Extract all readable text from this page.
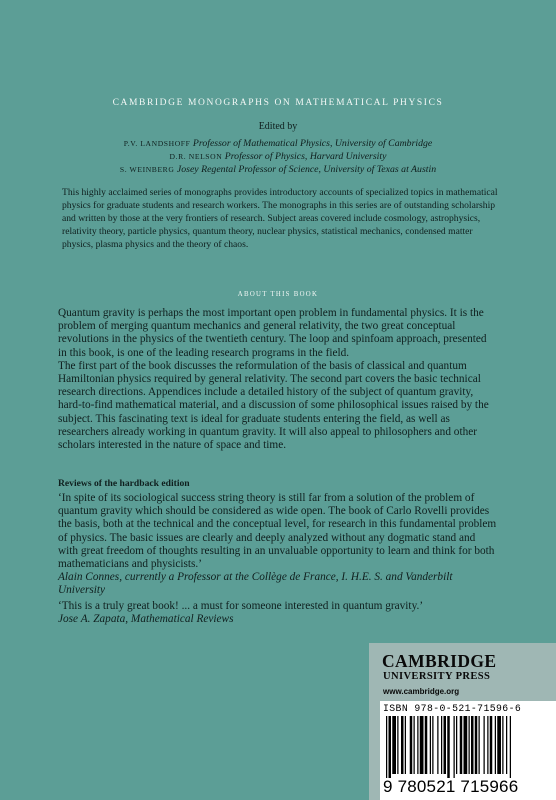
CAMBRIDGE MONOGRAPHS ON MATHEMATICAL PHYSICS
Edited by
P.V. LANDSHOFF Professor of Mathematical Physics, University of Cambridge
D.R. NELSON Professor of Physics, Harvard University
S. WEINBERG Josey Regental Professor of Science, University of Texas at Austin
This highly acclaimed series of monographs provides introductory accounts of specialized topics in mathematical physics for graduate students and research workers. The monographs in this series are of outstanding scholarship and written by those at the very frontiers of research. Subject areas covered include cosmology, astrophysics, relativity theory, particle physics, quantum theory, nuclear physics, statistical mechanics, condensed matter physics, plasma physics and the theory of chaos.
ABOUT THIS BOOK

Quantum gravity is perhaps the most important open problem in fundamental physics. It is the problem of merging quantum mechanics and general relativity, the two great conceptual revolutions in the physics of the twentieth century. The loop and spinfoam approach, presented in this book, is one of the leading research programs in the field.

The first part of the book discusses the reformulation of the basis of classical and quantum Hamiltonian physics required by general relativity. The second part covers the basic technical research directions. Appendices include a detailed history of the subject of quantum gravity, hard-to-find mathematical material, and a discussion of some philosophical issues raised by the subject. This fascinating text is ideal for graduate students entering the field, as well as researchers already working in quantum gravity. It will also appeal to philosophers and other scholars interested in the nature of space and time.

Reviews of the hardback edition
‘In spite of its sociological success string theory is still far from a solution of the problem of quantum gravity which should be considered as wide open. The book of Carlo Rovelli provides the basis, both at the technical and the conceptual level, for research in this fundamental problem of physics. The basic issues are clearly and deeply analyzed without any dogmatic stand and with great freedom of thoughts resulting in an unvaluable opportunity to learn and think for both mathematicians and physicists.’
Alain Connes, currently a Professor at the Collège de France, I. H.E. S. and Vanderbilt University
‘This is a truly great book! ... a must for someone interested in quantum gravity.’
Jose A. Zapata, Mathematical Reviews
CAMBRIDGE
UNIVERSITY PRESS
www.cambridge.org
ISBN 978-0-521-71596-6
9 780521 715966
